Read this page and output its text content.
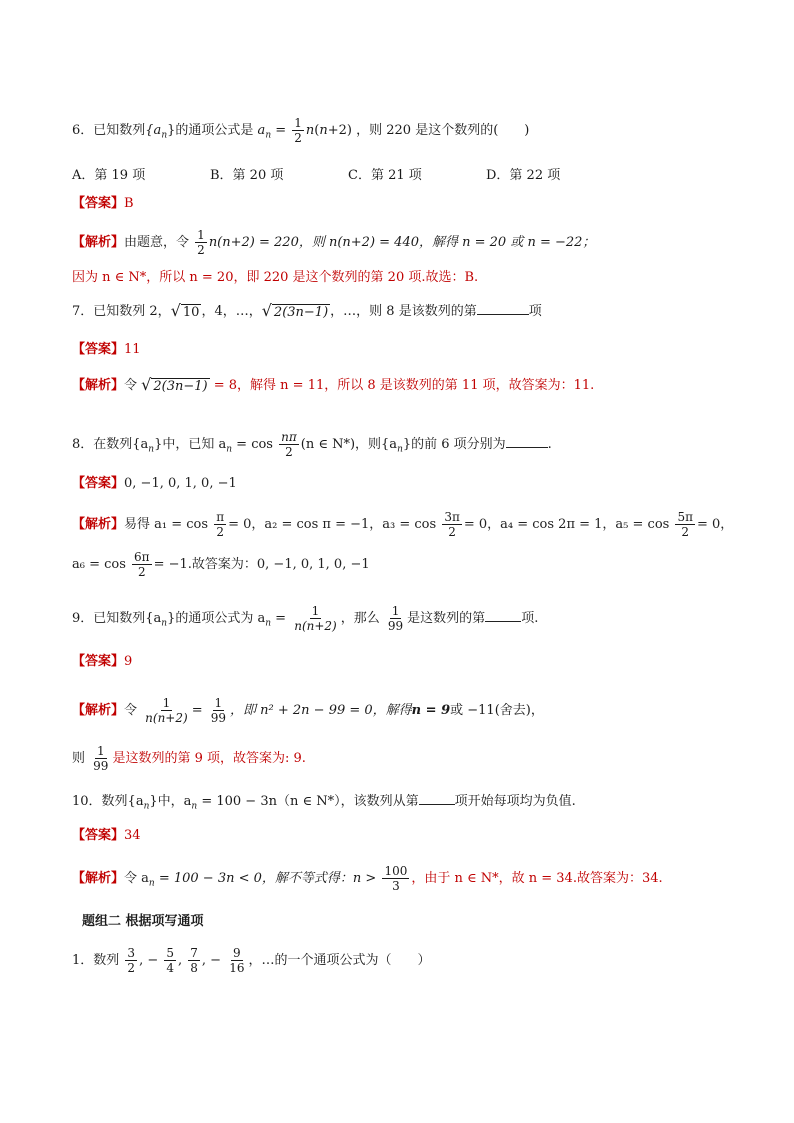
6．已知数列$\{a_n\}$的通项公式是 $a_n = \frac{1}{2} n(n+2)$ ，则 220 是这个数列的(　　)
A．第 19 项	B．第 20 项	C．第 21 项	D．第 22 项
【答案】B
【解析】由题意，令 $\frac{1}{2} n(n+2) = 220$，则 n(n+2) = 440，解得 n = 20 或 n = −22；
因为 n ∈ N*，所以 n = 20，即 220 是这个数列的第 20 项.故选：B.
7．已知数列 2， √ 10 ，4，…， √ 2(3n−1) ，…，则 8 是该数列的第	项
【答案】11
【解析】令 √ 2(3n−1) = 8，解得 n = 11，所以 8 是该数列的第 11 项，故答案为：11.
8．在数列$\{a_n\}$中，已知 $a_n = \cos \frac{n\pi}{2} (n$ ∈ N*)，则$\{a_n\}$的前 6 项分别为	.
【答案】0, −1, 0, 1, 0, −1
【解析】易得 $a_1 = \cos \frac{\pi}{2} = 0$，a₂ = cos π = −1，$a_3 = \cos \frac{3\pi}{2} = 0$，a₄ = cos 2π = 1，$a_5 = \cos \frac{5\pi}{2} = 0$，
$a_6 = \cos \frac{6\pi}{2} = -1$.故答案为：0, −1, 0, 1, 0, −1
9．已知数列$\{a_n\}$的通项公式为 $a_n = \frac{1}{n(n+2)}$ ，那么 $\frac{1}{99}$ 是这数列的第	项.
【答案】9
【解析】令 $\frac{1}{n(n+2)} = \frac{1}{99}$ ，即 n² + 2n − 99 = 0，解得n = 9或 −11(舍去)，
则 $\frac{1}{99}$ 是这数列的第 9 项，故答案为: 9.
10．数列$\{a_n\}$中，$a_n = 100 - 3n(n$ ∈ N*），该数列从第	项开始每项均为负值.
【答案】34
【解析】令 $a_n = 100 - 3n < 0$，解不等式得：$n > \frac{100}{3}$ ，由于 n ∈ N*，故 n = 34.故答案为：34.
题组二 根据项写通项
1．数列 $\frac{3}{2}$ , − $\frac{5}{4}$ , $\frac{7}{8}$ , − $\frac{9}{16}$ ，…的一个通项公式为（　　）
